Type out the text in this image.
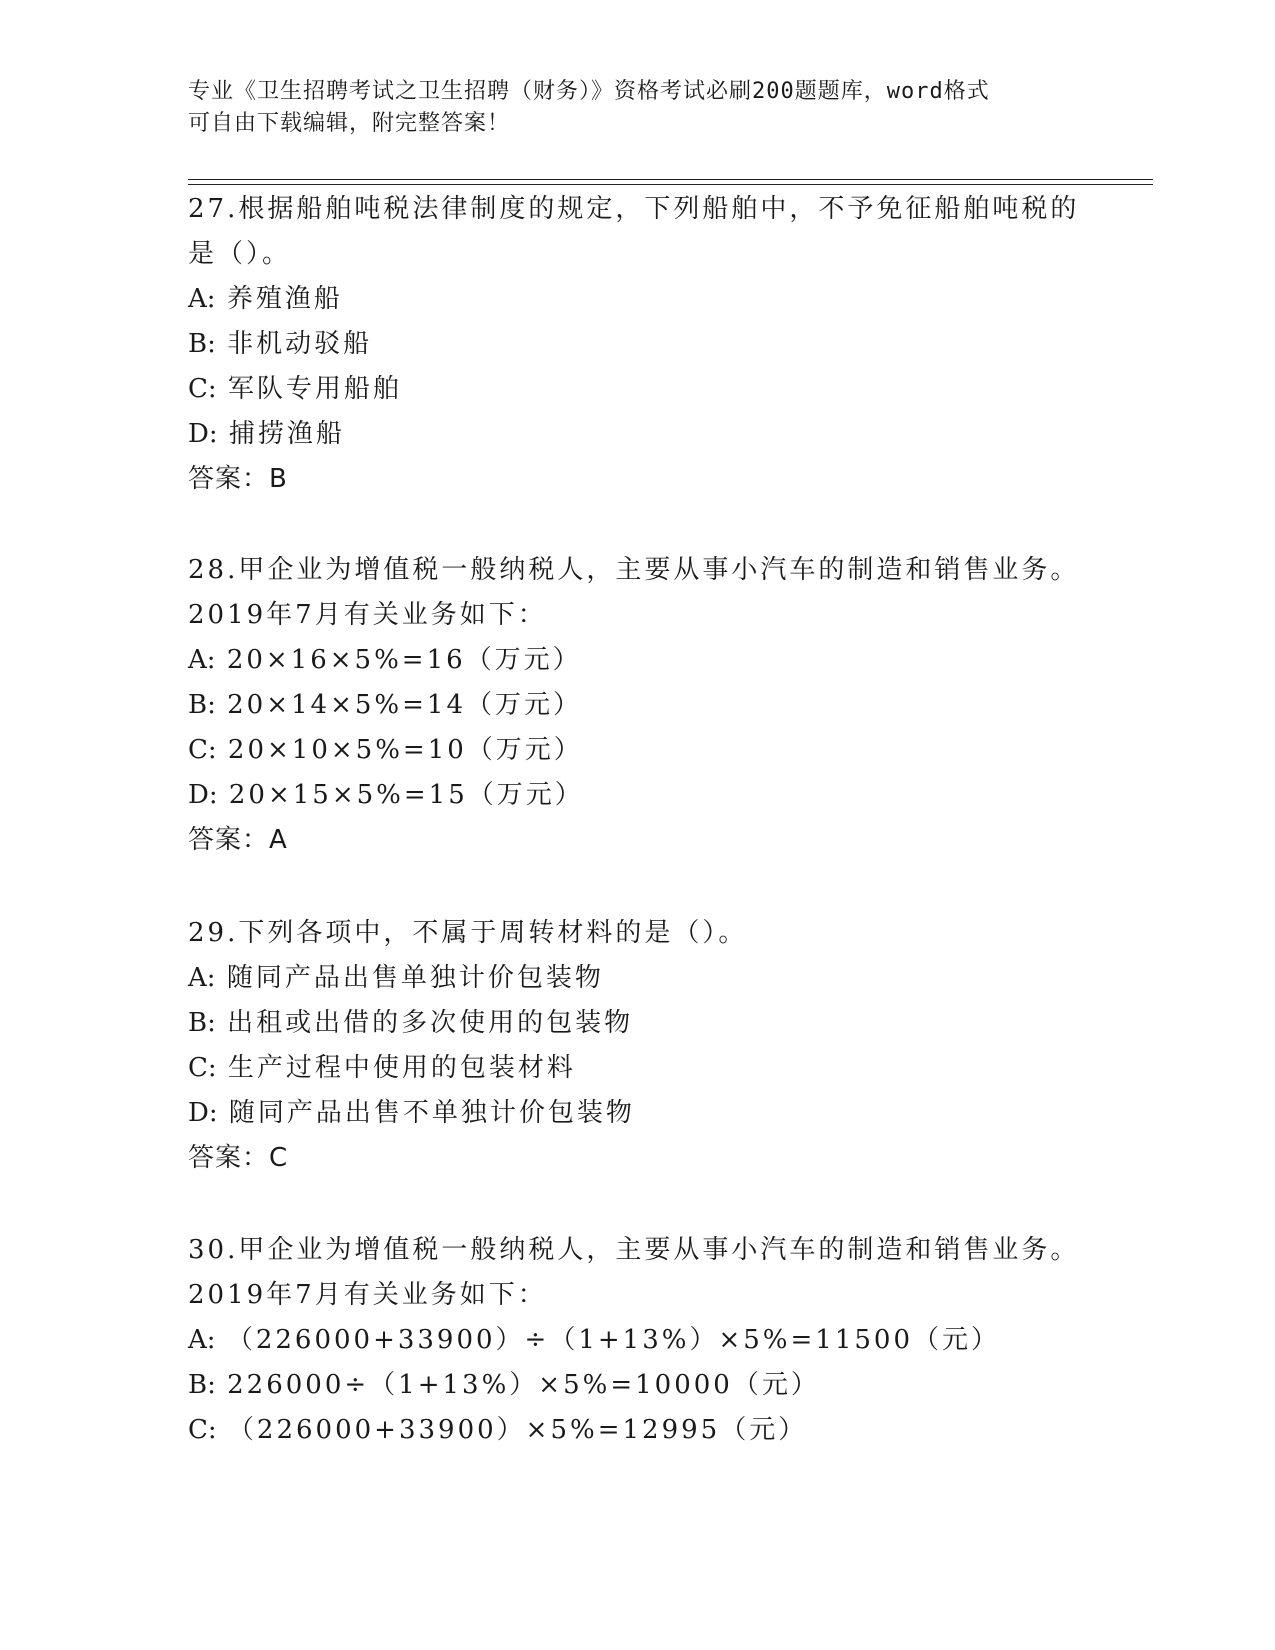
专业《卫生招聘考试之卫生招聘（财务）》资格考试必刷200题题库，word格式
可自由下载编辑，附完整答案！
27.根据船舶吨税法律制度的规定，下列船舶中，不予免征船舶吨税的
是（）。
A: 养殖渔船
B: 非机动驳船
C: 军队专用船舶
D: 捕捞渔船
答案：B
28.甲企业为增值税一般纳税人，主要从事小汽车的制造和销售业务。
2019年7月有关业务如下：
A: 20×16×5%=16（万元）
B: 20×14×5%=14（万元）
C: 20×10×5%=10（万元）
D: 20×15×5%=15（万元）
答案：A
29.下列各项中，不属于周转材料的是（）。
A: 随同产品出售单独计价包装物
B: 出租或出借的多次使用的包装物
C: 生产过程中使用的包装材料
D: 随同产品出售不单独计价包装物
答案：C
30.甲企业为增值税一般纳税人，主要从事小汽车的制造和销售业务。
2019年7月有关业务如下：
A: （226000+33900）÷（1+13%）×5%=11500（元）
B: 226000÷（1+13%）×5%=10000（元）
C: （226000+33900）×5%=12995（元）
